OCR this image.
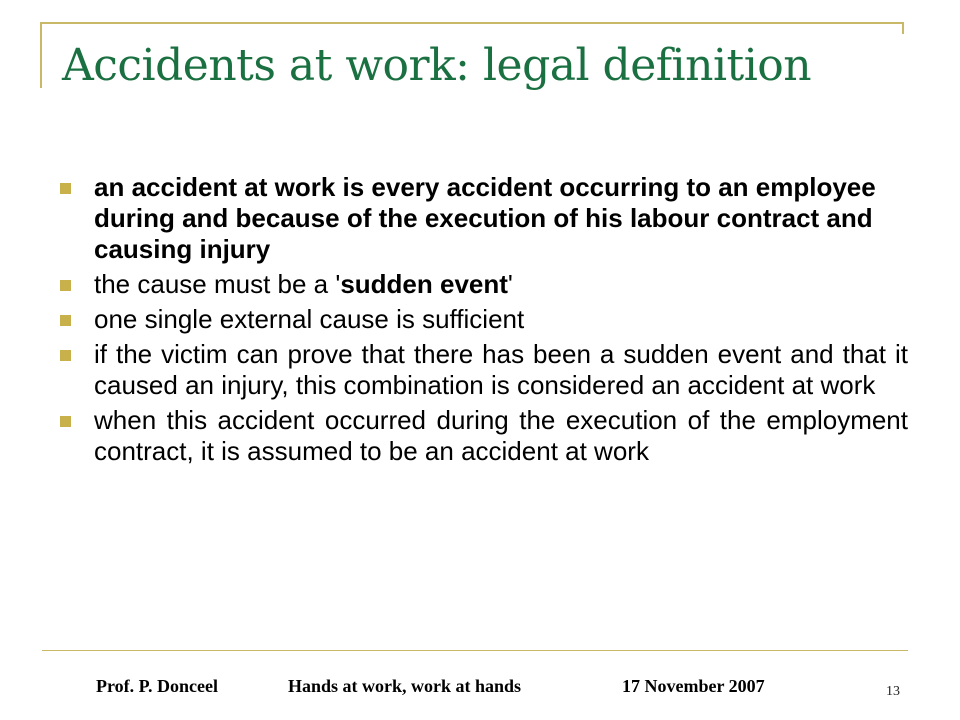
Accidents at work: legal definition
an accident at work is every accident occurring to an employee during and because of the execution of his labour contract and causing injury
the cause must be a 'sudden event'
one single external cause is sufficient
if the victim can prove that there has been a sudden event and that it caused an injury, this combination is considered an accident at work
when this accident occurred during the execution of the employment contract, it is assumed to be an accident at work
Prof. P. Donceel	Hands at work, work at hands	17 November 2007	13
